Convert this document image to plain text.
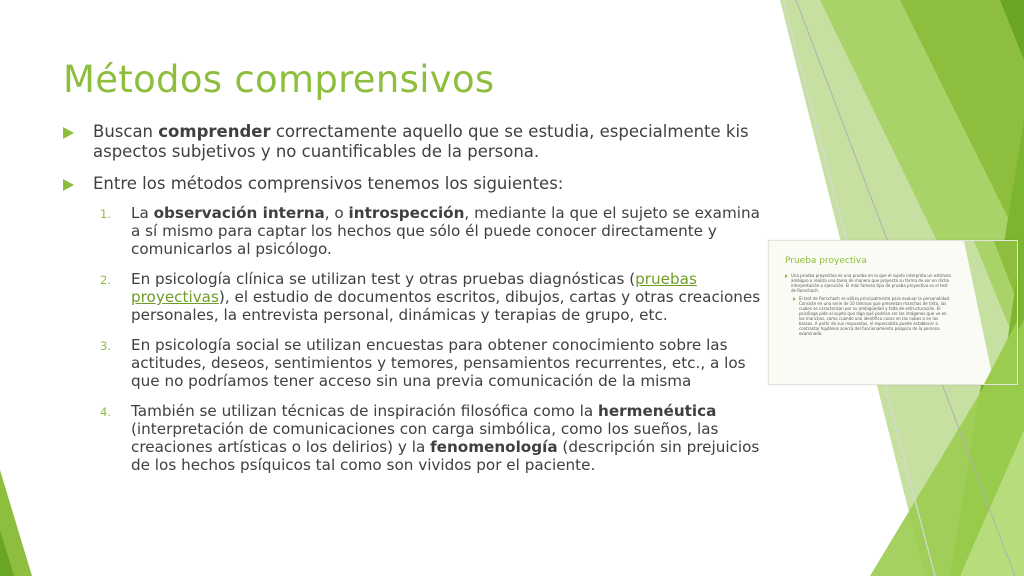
Métodos comprensivos
Buscan comprender correctamente aquello que se estudia, especialmente kis aspectos subjetivos y no cuantificables de la persona.
Entre los métodos comprensivos tenemos los siguientes:
1. La observación interna, o introspección, mediante la que el sujeto se examina a sí mismo para captar los hechos que sólo él puede conocer directamente y comunicarlos al psicólogo.
2. En psicología clínica se utilizan test y otras pruebas diagnósticas (pruebas proyectivas), el estudio de documentos escritos, dibujos, cartas y otras creaciones personales, la entrevista personal, dinámicas y terapias de grupo, etc.
3. En psicología social se utilizan encuestas para obtener conocimiento sobre las actitudes, deseos, sentimientos y temores, pensamientos recurrentes, etc., a los que no podríamos tener acceso sin una previa comunicación de la misma
4. También se utilizan técnicas de inspiración filosófica como la hermenéutica (interpretación de comunicaciones con carga simbólica, como los sueños, las creaciones artísticas o los delirios) y la fenomenología (descripción sin prejuicios de los hechos psíquicos tal como son vividos por el paciente.
Prueba proyectiva
Una prueba proyectiva es una prueba en la que el sujeto interpreta un estímulo ambiguo o realiza una tarea de manera que proyecta su forma de ser en dicha interpretación o ejecución. El más famoso tipo de prueba proyectiva es el test de Rorschach.
El test de Rorschach se utiliza principalmente para evaluar la personalidad. Consiste en una serie de 10 láminas que presentan manchas de tinta, las cuales se caracterizan por su ambigüedad y falta de estructuración. El psicólogo pide al sujeto que diga qué podrían ser las imágenes que ve en las manchas, como cuando uno identifica cosas en las nubes o en las brasas. A partir de sus respuestas, el especialista puede establecer o contrastar hipótesis acerca del funcionamiento psíquico de la persona examinada.
